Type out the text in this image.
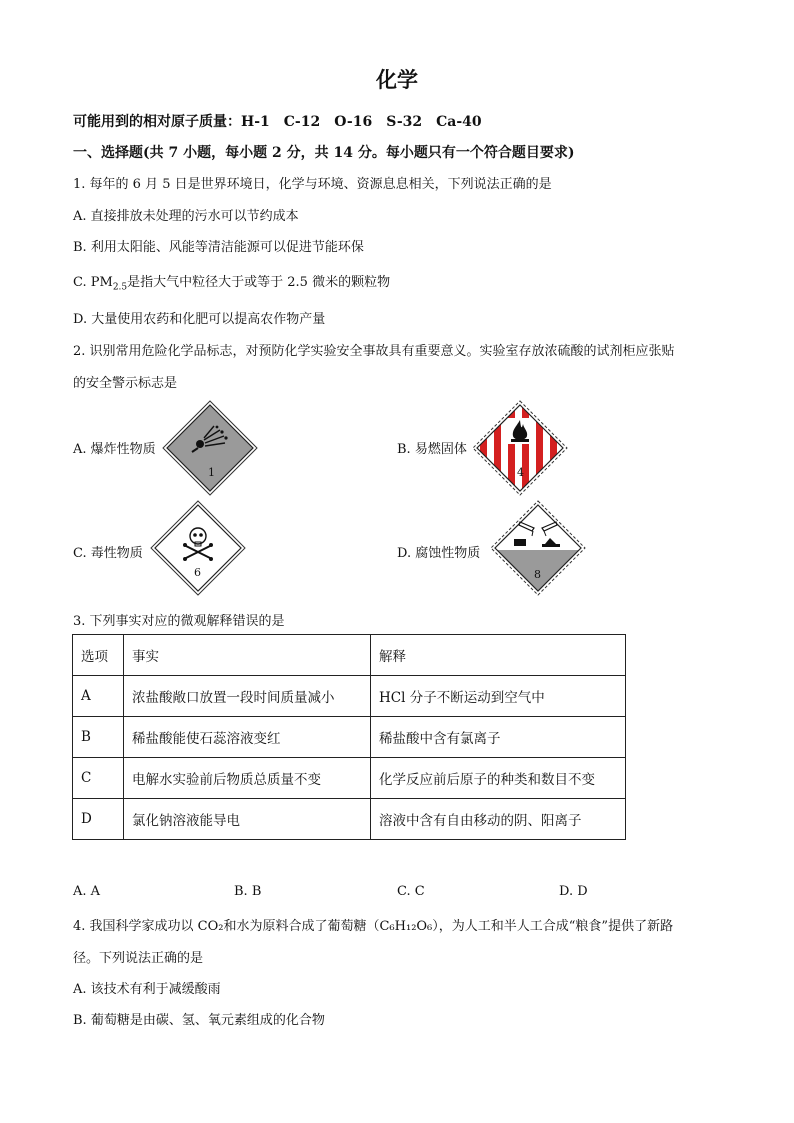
化学
可能用到的相对原子质量：H-1　C-12　O-16　S-32　Ca-40
一、选择题(共 7 小题，每小题 2 分，共 14 分。每小题只有一个符合题目要求)
1. 每年的 6 月 5 日是世界环境日，化学与环境、资源息息相关，下列说法正确的是
A. 直接排放未处理的污水可以节约成本
B. 利用太阳能、风能等清洁能源可以促进节能环保
C. $PM_{2.5}$是指大气中粒径大于或等于 2.5 微米的颗粒物
D. 大量使用农药和化肥可以提高农作物产量
2. 识别常用危险化学品标志，对预防化学实验安全事故具有重要意义。实验室存放浓硫酸的试剂柜应张贴
的安全警示标志是
A. 爆炸性物质	B. 易燃固体
C. 毒性物质	D. 腐蚀性物质
1	4
6	8
3. 下列事实对应的微观解释错误的是
选项	事实	解释
A	浓盐酸敞口放置一段时间质量减小	HCl 分子不断运动到空气中
B	稀盐酸能使石蕊溶液变红	稀盐酸中含有氯离子
C	电解水实验前后物质总质量不变	化学反应前后原子的种类和数目不变
D	氯化钠溶液能导电	溶液中含有自由移动的阴、阳离子
A. A	B. B	C. C	D. D
4. 我国科学家成功以 CO₂和水为原料合成了葡萄糖（C₆H₁₂O₆），为人工和半人工合成“粮食”提供了新路
径。下列说法正确的是
A. 该技术有利于减缓酸雨
B. 葡萄糖是由碳、氢、氧元素组成的化合物
